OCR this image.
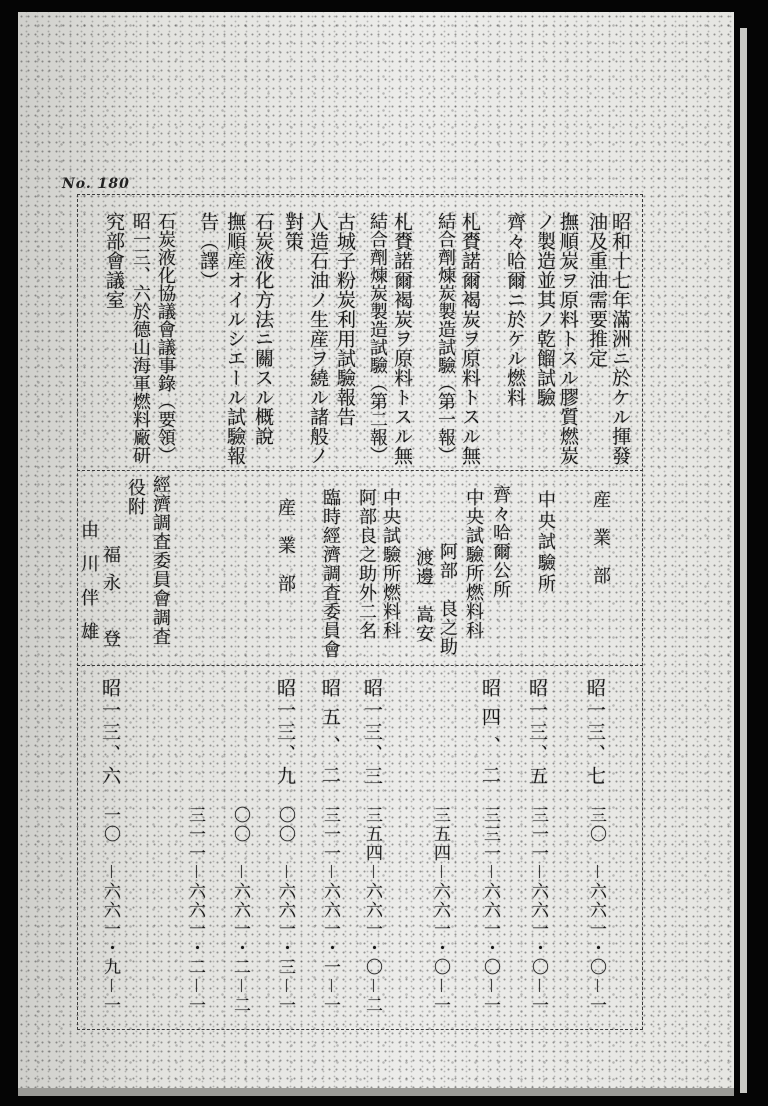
No. 180
昭和十七年滿洲ニ於ケル揮發
油及重油需要推定
産業部
昭一三、七
三〇　－六六一・〇－一
撫順炭ヲ原料トスル膠質燃炭
ノ製造並其ノ乾餾試驗
中央試驗所
昭一三、五
三一一－六六一・〇－一
齊々哈爾ニ於ケル燃料
齊々哈爾公所
昭四、二
三三一－六六一・〇－一
札賚諾爾褐炭ヲ原料トスル無
結合劑煉炭製造試驗（第一報）
中央試驗所燃料科
阿部　良之助
渡邊　嵩安
三五四－六六一・〇－一
札賚諾爾褐炭ヲ原料トスル無
結合劑煉炭製造試驗（第二報）
中央試驗所燃料科
阿部良之助外二名
昭一三、三
三五四－六六一・〇－二
古城子粉炭利用試驗報告
臨時經濟調査委員會
昭五、二
三一一－六六一・一－一
人造石油ノ生産ヲ繞ル諸般ノ
對策
産業部
昭一三、九
〇〇　－六六一・三－一
石炭液化方法ニ關スル概說
〇〇　－六六一・二－二
撫順産オイルシエール試驗報
告（譯）
三一一－六六一・二－一
石炭液化協議會議事錄（要領）
昭一三、六於德山海軍燃料廠研
究部會議室
經濟調査委員會調査
役附
福永　登
由川伴雄
昭一三、六
一〇　－六六一・九－一
